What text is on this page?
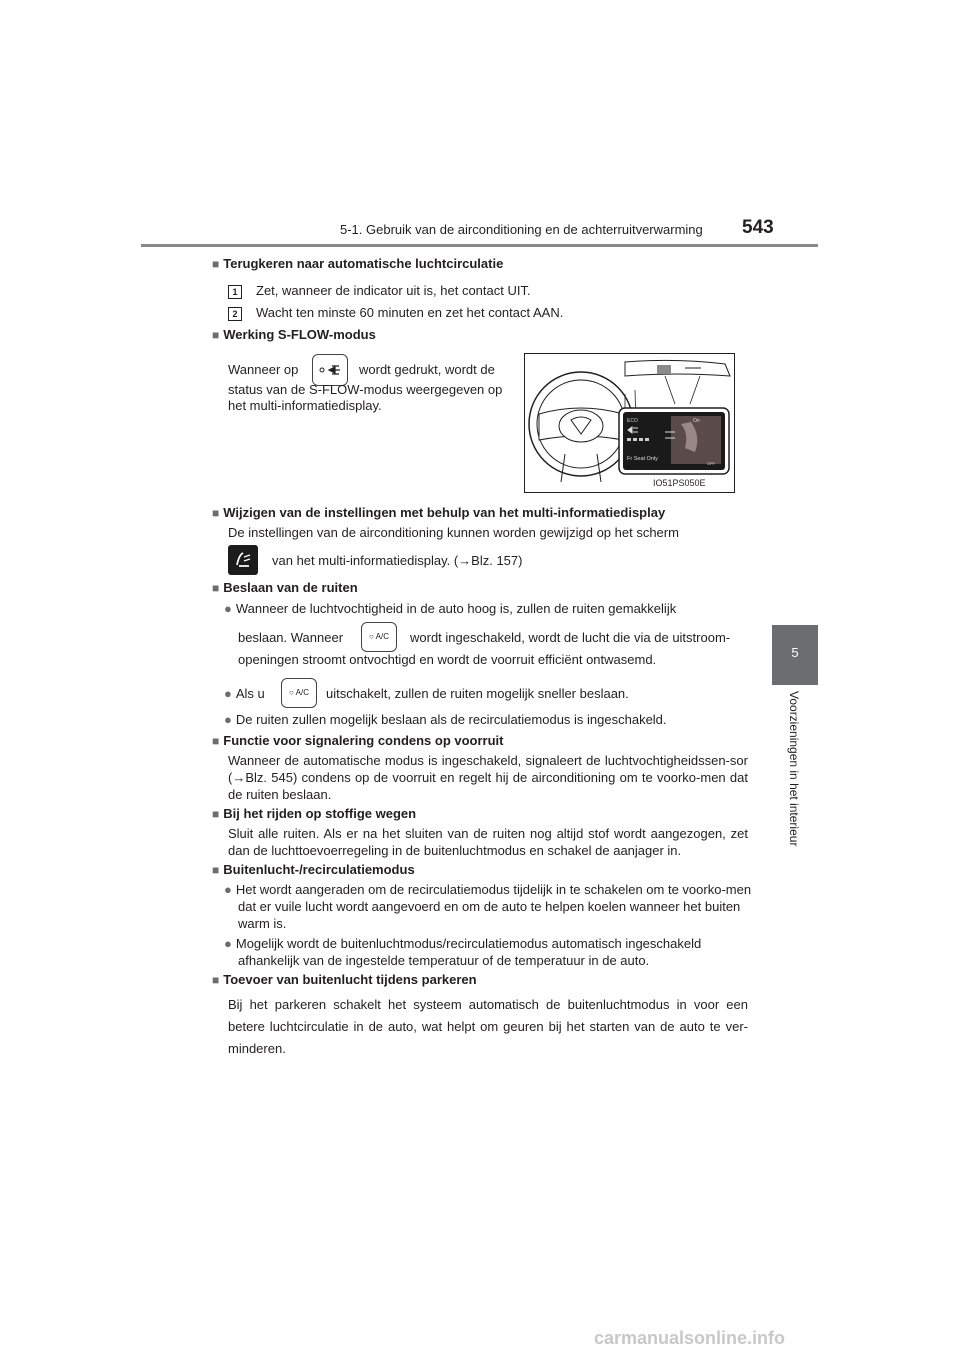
5-1. Gebruik van de airconditioning en de achterruitverwarming 543
5
Voorzieningen in het interieur
■ Terugkeren naar automatische luchtcirculatie
1 Zet, wanneer de indicator uit is, het contact UIT.
2 Wacht ten minste 60 minuten en zet het contact AAN.
■ Werking S-FLOW-modus
Wanneer op	wordt gedrukt, wordt de
status van de S-FLOW-modus weergegeven op het multi-informatiedisplay.
ECO	On
Fr Seat Only
OFF
IO51PS050E
■ Wijzigen van de instellingen met behulp van het multi-informatiedisplay
De instellingen van de airconditioning kunnen worden gewijzigd op het scherm
van het multi-informatiedisplay. (→Blz. 157)
■ Beslaan van de ruiten
● Wanneer de luchtvochtigheid in de auto hoog is, zullen de ruiten gemakkelijk
beslaan. Wanneer	○ A/C	wordt ingeschakeld, wordt de lucht die via de uitstroom-
openingen stroomt ontvochtigd en wordt de voorruit efficiënt ontwasemd.
● Als u	○ A/C	uitschakelt, zullen de ruiten mogelijk sneller beslaan.
● De ruiten zullen mogelijk beslaan als de recirculatiemodus is ingeschakeld.
■ Functie voor signalering condens op voorruit
Wanneer de automatische modus is ingeschakeld, signaleert de luchtvochtigheidssen-sor (→Blz. 545) condens op de voorruit en regelt hij de airconditioning om te voorko-men dat de ruiten beslaan.
■ Bij het rijden op stoffige wegen
Sluit alle ruiten. Als er na het sluiten van de ruiten nog altijd stof wordt aangezogen, zet dan de luchttoevoerregeling in de buitenluchtmodus en schakel de aanjager in.
■ Buitenlucht-/recirculatiemodus
● Het wordt aangeraden om de recirculatiemodus tijdelijk in te schakelen om te voorko-men dat er vuile lucht wordt aangevoerd en om de auto te helpen koelen wanneer het buiten warm is.
● Mogelijk wordt de buitenluchtmodus/recirculatiemodus automatisch ingeschakeld afhankelijk van de ingestelde temperatuur of de temperatuur in de auto.
■ Toevoer van buitenlucht tijdens parkeren
Bij het parkeren schakelt het systeem automatisch de buitenluchtmodus in voor een betere luchtcirculatie in de auto, wat helpt om geuren bij het starten van de auto te ver-minderen.
carmanualsonline.info
